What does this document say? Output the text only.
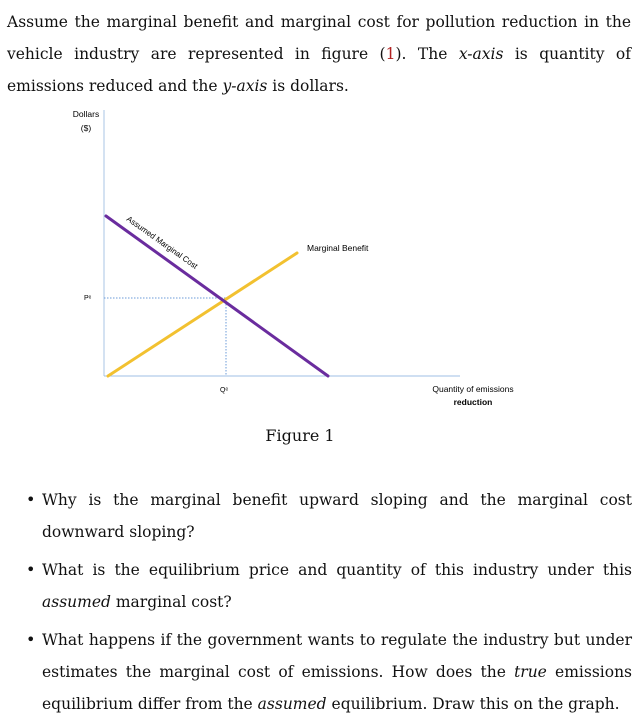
Assume the marginal benefit and marginal cost for pollution reduction in the vehicle industry are represented in figure (1). The x-axis is quantity of emissions reduced and the y-axis is dollars.
Dollars
($)
Marginal Benefit
Assumed Marginal Cost
Pᵉ
Qᵉ	Quantity of emissions
reduction
Figure 1
• Why is the marginal benefit upward sloping and the marginal cost downward sloping?
• What is the equilibrium price and quantity of this industry under this assumed marginal cost?
• What happens if the government wants to regulate the industry but under estimates the marginal cost of emissions. How does the true emissions equilibrium differ from the assumed equilibrium. Draw this on the graph.
